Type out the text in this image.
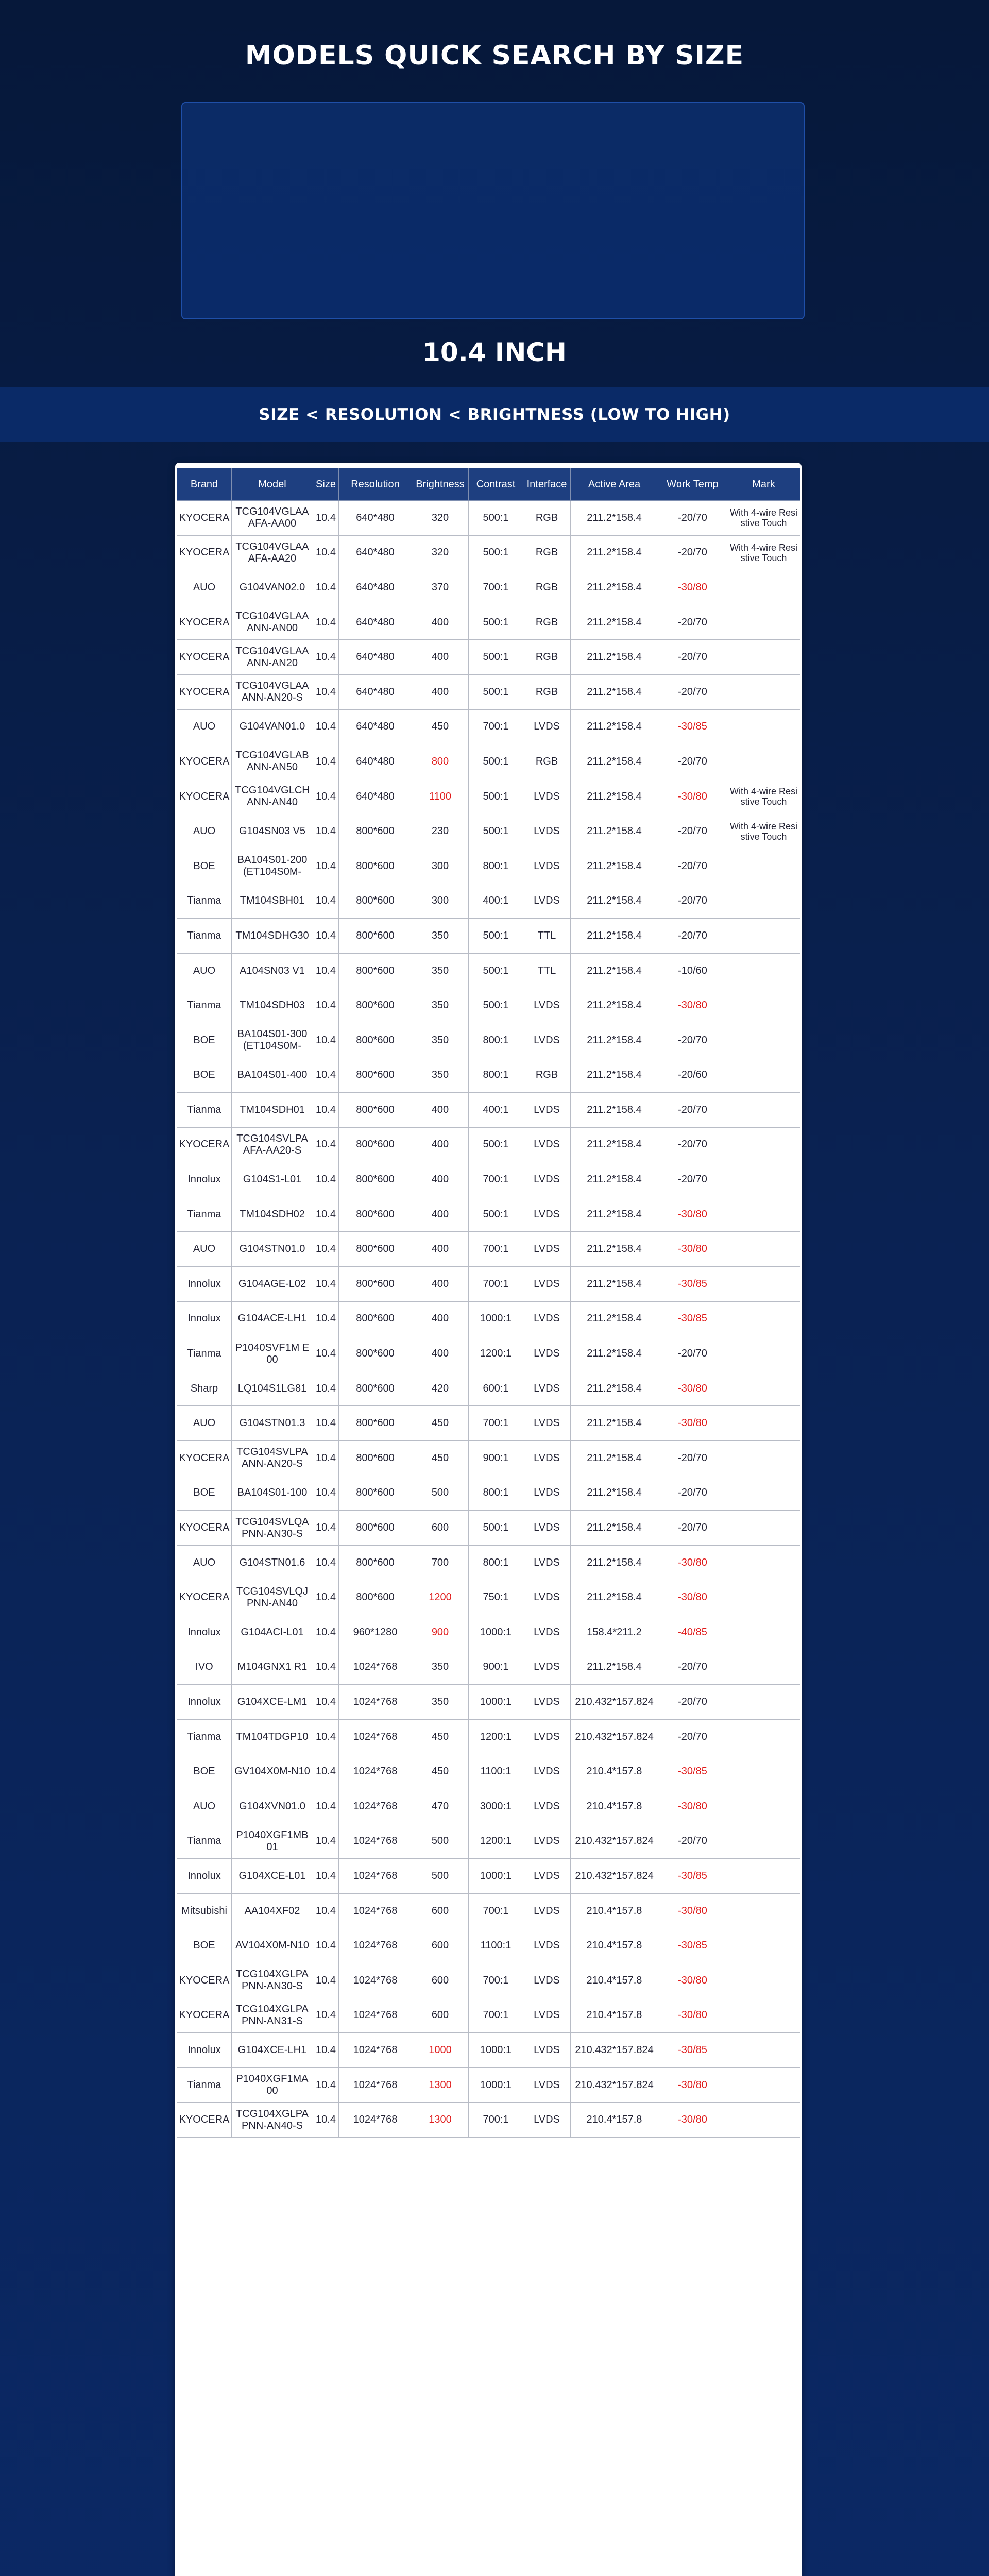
MODELS QUICK SEARCH BY SIZE
10.4 INCH
SIZE < RESOLUTION < BRIGHTNESS (LOW TO HIGH)
Brand	Model	Size	Resolution	Brightness	Contrast	Interface	Active Area	Work Temp	Mark
KYOCERA	TCG104VGLAAAFA-AA00	10.4	640*480	320	500:1	RGB	211.2*158.4	-20/70	With 4-wire Resistive Touch
KYOCERA	TCG104VGLAAAFA-AA20	10.4	640*480	320	500:1	RGB	211.2*158.4	-20/70	With 4-wire Resistive Touch
AUO	G104VAN02.0	10.4	640*480	370	700:1	RGB	211.2*158.4	-30/80	
KYOCERA	TCG104VGLAAANN-AN00	10.4	640*480	400	500:1	RGB	211.2*158.4	-20/70	
KYOCERA	TCG104VGLAAANN-AN20	10.4	640*480	400	500:1	RGB	211.2*158.4	-20/70	
KYOCERA	TCG104VGLAAANN-AN20-S	10.4	640*480	400	500:1	RGB	211.2*158.4	-20/70	
AUO	G104VAN01.0	10.4	640*480	450	700:1	LVDS	211.2*158.4	-30/85	
KYOCERA	TCG104VGLABANN-AN50	10.4	640*480	800	500:1	RGB	211.2*158.4	-20/70	
KYOCERA	TCG104VGLCHANN-AN40	10.4	640*480	1100	500:1	LVDS	211.2*158.4	-30/80	With 4-wire Resistive Touch
AUO	G104SN03 V5	10.4	800*600	230	500:1	LVDS	211.2*158.4	-20/70	With 4-wire Resistive Touch
BOE	BA104S01-200(ET104S0M-	10.4	800*600	300	800:1	LVDS	211.2*158.4	-20/70	
Tianma	TM104SBH01	10.4	800*600	300	400:1	LVDS	211.2*158.4	-20/70	
Tianma	TM104SDHG30	10.4	800*600	350	500:1	TTL	211.2*158.4	-20/70	
AUO	A104SN03 V1	10.4	800*600	350	500:1	TTL	211.2*158.4	-10/60	
Tianma	TM104SDH03	10.4	800*600	350	500:1	LVDS	211.2*158.4	-30/80	
BOE	BA104S01-300(ET104S0M-	10.4	800*600	350	800:1	LVDS	211.2*158.4	-20/70	
BOE	BA104S01-400	10.4	800*600	350	800:1	RGB	211.2*158.4	-20/60	
Tianma	TM104SDH01	10.4	800*600	400	400:1	LVDS	211.2*158.4	-20/70	
KYOCERA	TCG104SVLPAAFA-AA20-S	10.4	800*600	400	500:1	LVDS	211.2*158.4	-20/70	
Innolux	G104S1-L01	10.4	800*600	400	700:1	LVDS	211.2*158.4	-20/70	
Tianma	TM104SDH02	10.4	800*600	400	500:1	LVDS	211.2*158.4	-30/80	
AUO	G104STN01.0	10.4	800*600	400	700:1	LVDS	211.2*158.4	-30/80	
Innolux	G104AGE-L02	10.4	800*600	400	700:1	LVDS	211.2*158.4	-30/85	
Innolux	G104ACE-LH1	10.4	800*600	400	1000:1	LVDS	211.2*158.4	-30/85	
Tianma	P1040SVF1M E00	10.4	800*600	400	1200:1	LVDS	211.2*158.4	-20/70	
Sharp	LQ104S1LG81	10.4	800*600	420	600:1	LVDS	211.2*158.4	-30/80	
AUO	G104STN01.3	10.4	800*600	450	700:1	LVDS	211.2*158.4	-30/80	
KYOCERA	TCG104SVLPAANN-AN20-S	10.4	800*600	450	900:1	LVDS	211.2*158.4	-20/70	
BOE	BA104S01-100	10.4	800*600	500	800:1	LVDS	211.2*158.4	-20/70	
KYOCERA	TCG104SVLQAPNN-AN30-S	10.4	800*600	600	500:1	LVDS	211.2*158.4	-20/70	
AUO	G104STN01.6	10.4	800*600	700	800:1	LVDS	211.2*158.4	-30/80	
KYOCERA	TCG104SVLQJPNN-AN40	10.4	800*600	1200	750:1	LVDS	211.2*158.4	-30/80	
Innolux	G104ACI-L01	10.4	960*1280	900	1000:1	LVDS	158.4*211.2	-40/85	
IVO	M104GNX1 R1	10.4	1024*768	350	900:1	LVDS	211.2*158.4	-20/70	
Innolux	G104XCE-LM1	10.4	1024*768	350	1000:1	LVDS	210.432*157.824	-20/70	
Tianma	TM104TDGP10	10.4	1024*768	450	1200:1	LVDS	210.432*157.824	-20/70	
BOE	GV104X0M-N10	10.4	1024*768	450	1100:1	LVDS	210.4*157.8	-30/85	
AUO	G104XVN01.0	10.4	1024*768	470	3000:1	LVDS	210.4*157.8	-30/80	
Tianma	P1040XGF1MB01	10.4	1024*768	500	1200:1	LVDS	210.432*157.824	-20/70	
Innolux	G104XCE-L01	10.4	1024*768	500	1000:1	LVDS	210.432*157.824	-30/85	
Mitsubishi	AA104XF02	10.4	1024*768	600	700:1	LVDS	210.4*157.8	-30/80	
BOE	AV104X0M-N10	10.4	1024*768	600	1100:1	LVDS	210.4*157.8	-30/85	
KYOCERA	TCG104XGLPAPNN-AN30-S	10.4	1024*768	600	700:1	LVDS	210.4*157.8	-30/80	
KYOCERA	TCG104XGLPAPNN-AN31-S	10.4	1024*768	600	700:1	LVDS	210.4*157.8	-30/80	
Innolux	G104XCE-LH1	10.4	1024*768	1000	1000:1	LVDS	210.432*157.824	-30/85	
Tianma	P1040XGF1MA00	10.4	1024*768	1300	1000:1	LVDS	210.432*157.824	-30/80	
KYOCERA	TCG104XGLPAPNN-AN40-S	10.4	1024*768	1300	700:1	LVDS	210.4*157.8	-30/80	
